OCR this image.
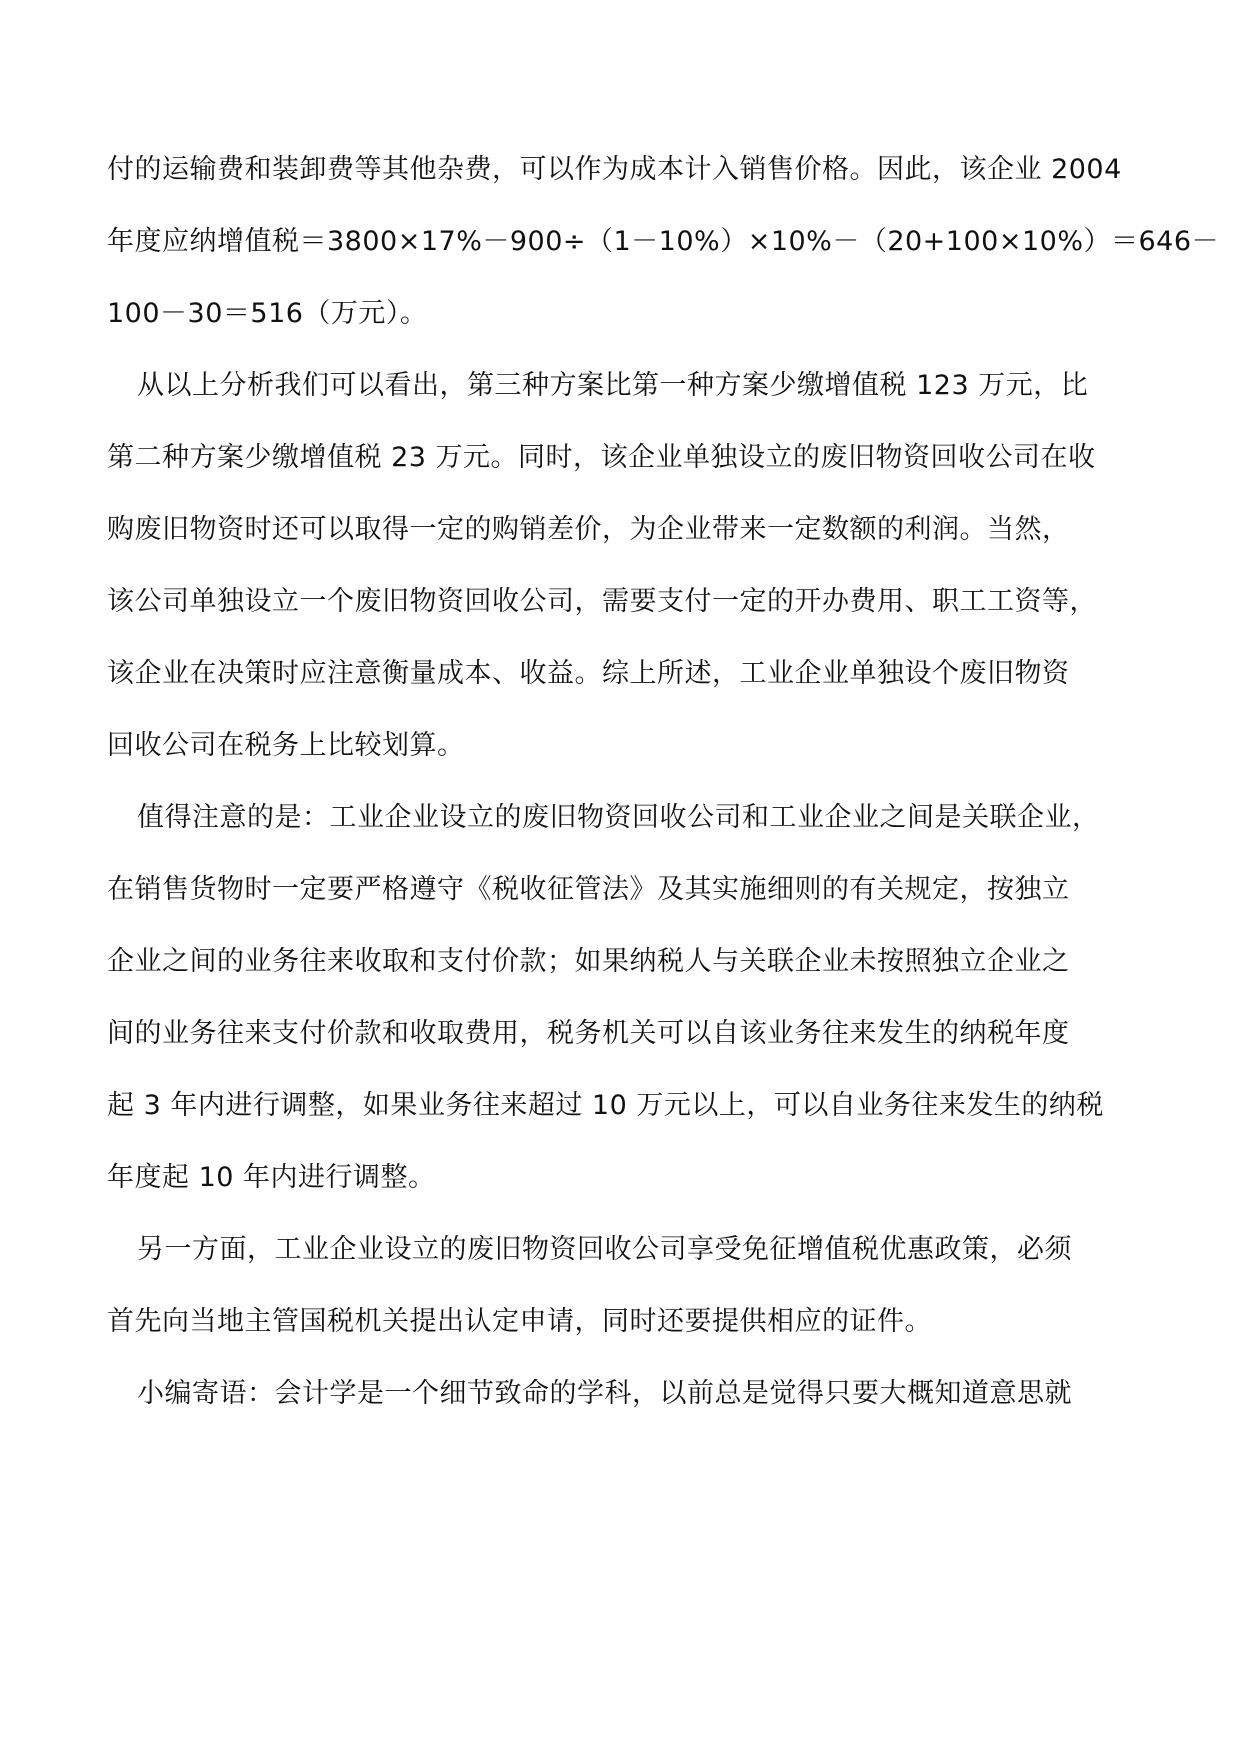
付的运输费和装卸费等其他杂费，可以作为成本计入销售价格。因此，该企业 2004
年度应纳增值税＝3800×17%－900÷（1－10%）×10%－（20+100×10%）＝646－
100－30＝516（万元）。
从以上分析我们可以看出，第三种方案比第一种方案少缴增值税 123 万元，比
第二种方案少缴增值税 23 万元。同时，该企业单独设立的废旧物资回收公司在收
购废旧物资时还可以取得一定的购销差价，为企业带来一定数额的利润。当然，
该公司单独设立一个废旧物资回收公司，需要支付一定的开办费用、职工工资等，
该企业在决策时应注意衡量成本、收益。综上所述，工业企业单独设个废旧物资
回收公司在税务上比较划算。
值得注意的是：工业企业设立的废旧物资回收公司和工业企业之间是关联企业，
在销售货物时一定要严格遵守《税收征管法》及其实施细则的有关规定，按独立
企业之间的业务往来收取和支付价款；如果纳税人与关联企业未按照独立企业之
间的业务往来支付价款和收取费用，税务机关可以自该业务往来发生的纳税年度
起 3 年内进行调整，如果业务往来超过 10 万元以上，可以自业务往来发生的纳税
年度起 10 年内进行调整。
另一方面，工业企业设立的废旧物资回收公司享受免征增值税优惠政策，必须
首先向当地主管国税机关提出认定申请，同时还要提供相应的证件。
小编寄语：会计学是一个细节致命的学科，以前总是觉得只要大概知道意思就
